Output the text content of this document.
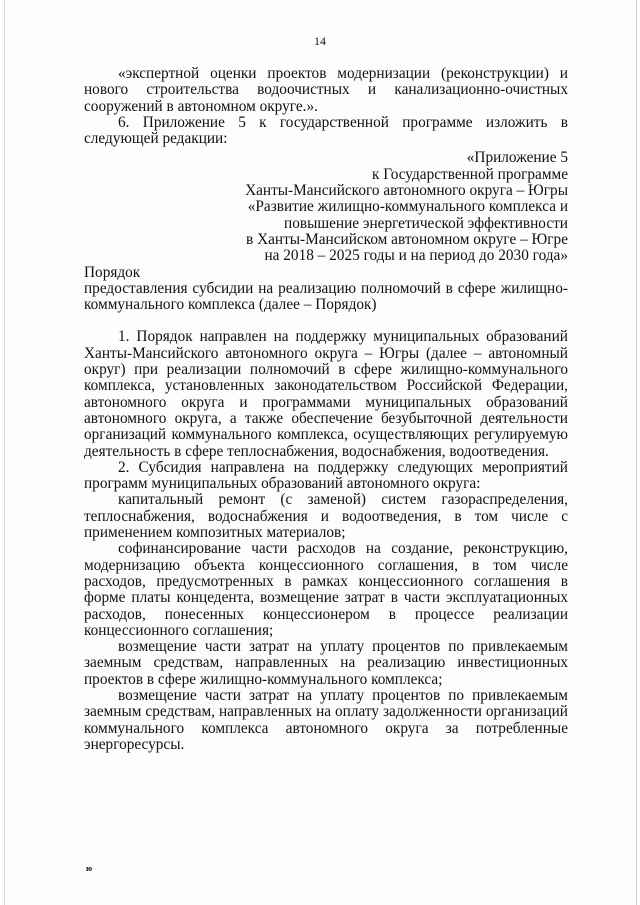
14

«экспертной оценки проектов модернизации (реконструкции) и нового строительства водоочистных и канализационно-очистных сооружений в автономном округе.».

6. Приложение 5 к государственной программе изложить в следующей редакции:

«Приложение 5
к Государственной программе
Ханты-Мансийского автономного округа – Югры
«Развитие жилищно-коммунального комплекса и
повышение энергетической эффективности
в Ханты-Мансийском автономном округе – Югре
на 2018 – 2025 годы и на период до 2030 года»

Порядок

предоставления субсидии на реализацию полномочий в сфере жилищно-коммунального комплекса (далее – Порядок)

1. Порядок направлен на поддержку муниципальных образований Ханты-Мансийского автономного округа – Югры (далее – автономный округ) при реализации полномочий в сфере жилищно-коммунального комплекса, установленных законодательством Российской Федерации, автономного округа и программами муниципальных образований автономного округа, а также обеспечение безубыточной деятельности организаций коммунального комплекса, осуществляющих регулируемую деятельность в сфере теплоснабжения, водоснабжения, водоотведения.

2. Субсидия направлена на поддержку следующих мероприятий программ муниципальных образований автономного округа:

капитальный ремонт (с заменой) систем газораспределения, теплоснабжения, водоснабжения и водоотведения, в том числе с применением композитных материалов;

софинансирование части расходов на создание, реконструкцию, модернизацию объекта концессионного соглашения, в том числе расходов, предусмотренных в рамках концессионного соглашения в форме платы концедента, возмещение затрат в части эксплуатационных расходов, понесенных концессионером в процессе реализации концессионного соглашения;

возмещение части затрат на уплату процентов по привлекаемым заемным средствам, направленных на реализацию инвестиционных проектов в сфере жилищно-коммунального комплекса;

возмещение части затрат на уплату процентов по привлекаемым заемным средствам, направленных на оплату задолженности организаций коммунального комплекса автономного округа за потребленные энергоресурсы.

ю
